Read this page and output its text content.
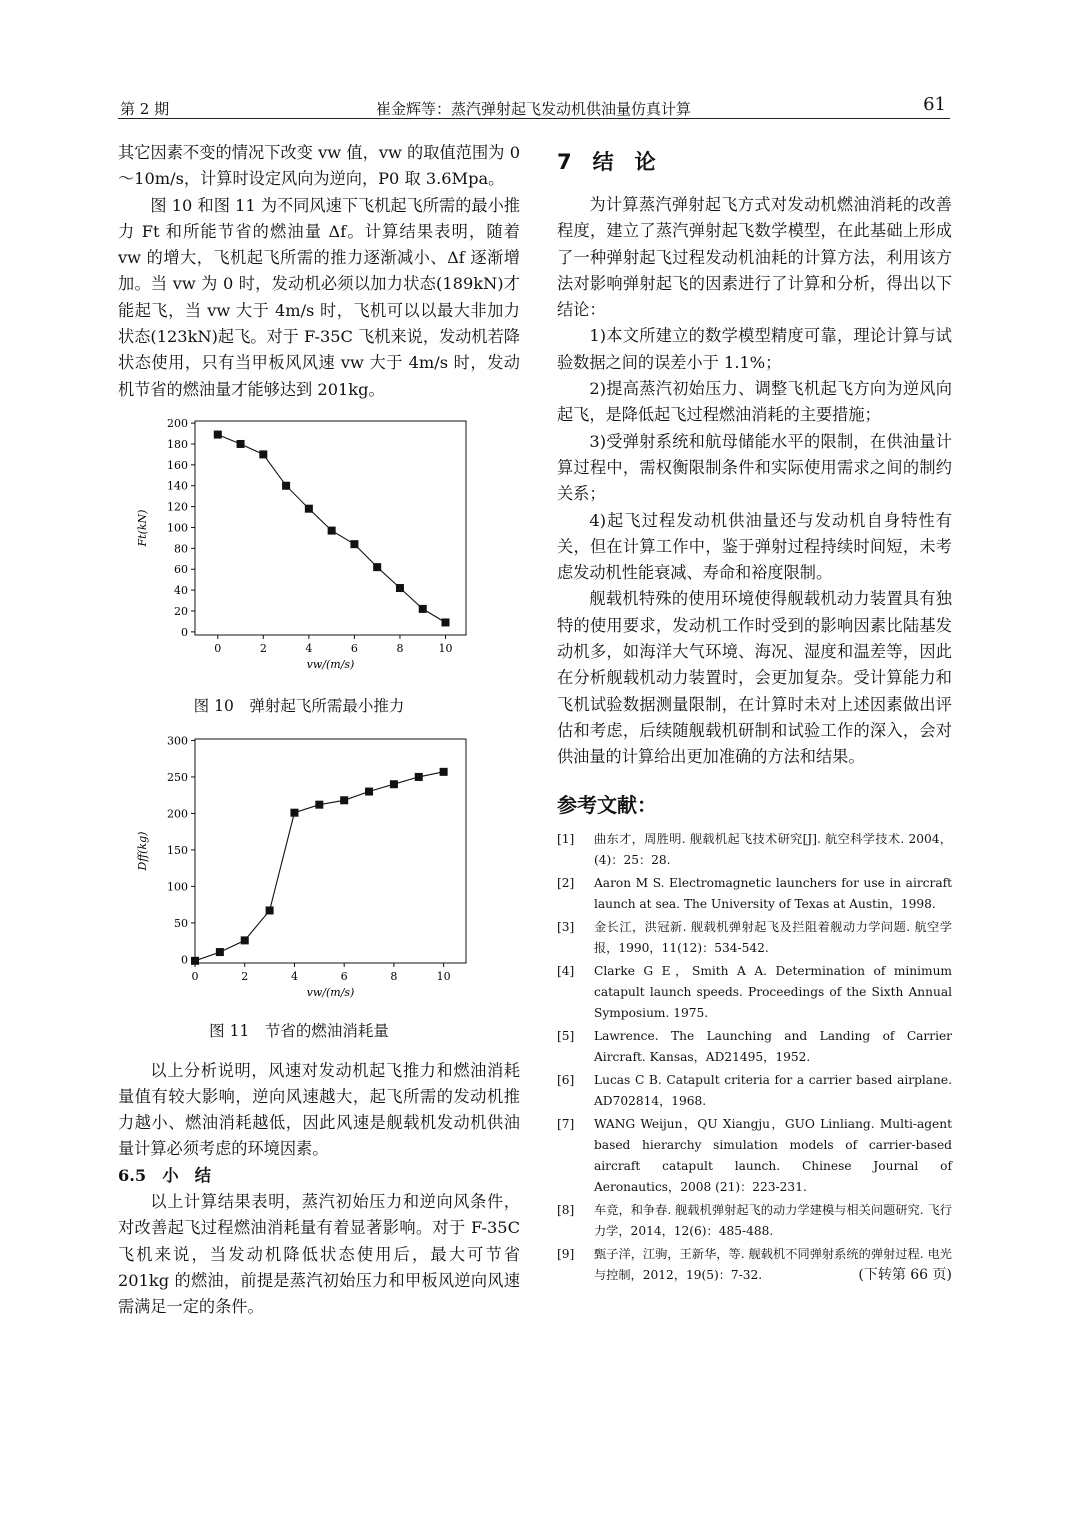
第 2 期	崔金辉等：蒸汽弹射起飞发动机供油量仿真计算	61

其它因素不变的情况下改变 vw 值，vw 的取值范围为 0～10m/s，计算时设定风向为逆向，P0 取 3.6Mpa。

图 10 和图 11 为不同风速下飞机起飞所需的最小推力 Ft 和所能节省的燃油量 Δf。计算结果表明，随着 vw 的增大，飞机起飞所需的推力逐渐减小、Δf 逐渐增加。当 vw 为 0 时，发动机必须以加力状态(189kN)才能起飞，当 vw 大于 4m/s 时，飞机可以以最大非加力状态(123kN)起飞。对于 F-35C 飞机来说，发动机若降状态使用，只有当甲板风风速 vw 大于 4m/s 时，发动机节省的燃油量才能够达到 201kg。

0
20
40
60
80
100
120
140
160
180
200
0	2	4	6	8	10
vw/(m/s)
Ft(kN)
图 10　弹射起飞所需最小推力
0
50
100
150
200
250
300
0	2	4	6	8	10
vw/(m/s)
Dff(kg)
图 11　节省的燃油消耗量

以上分析说明，风速对发动机起飞推力和燃油消耗量值有较大影响，逆向风速越大，起飞所需的发动机推力越小、燃油消耗越低，因此风速是舰载机发动机供油量计算必须考虑的环境因素。

6.5　小　结

以上计算结果表明，蒸汽初始压力和逆向风条件，对改善起飞过程燃油消耗量有着显著影响。对于 F-35C 飞机来说，当发动机降低状态使用后，最大可节省 201kg 的燃油，前提是蒸汽初始压力和甲板风逆向风速需满足一定的条件。

7　结　论

为计算蒸汽弹射起飞方式对发动机燃油消耗的改善程度，建立了蒸汽弹射起飞数学模型，在此基础上形成了一种弹射起飞过程发动机油耗的计算方法，利用该方法对影响弹射起飞的因素进行了计算和分析，得出以下结论：

1)本文所建立的数学模型精度可靠，理论计算与试验数据之间的误差小于 1.1%；

2)提高蒸汽初始压力、调整飞机起飞方向为逆风向起飞，是降低起飞过程燃油消耗的主要措施；

3)受弹射系统和航母储能水平的限制，在供油量计算过程中，需权衡限制条件和实际使用需求之间的制约关系；

4)起飞过程发动机供油量还与发动机自身特性有关，但在计算工作中，鉴于弹射过程持续时间短，未考虑发动机性能衰减、寿命和裕度限制。

舰载机特殊的使用环境使得舰载机动力装置具有独特的使用要求，发动机工作时受到的影响因素比陆基发动机多，如海洋大气环境、海况、湿度和温差等，因此在分析舰载机动力装置时，会更加复杂。受计算能力和飞机试验数据测量限制，在计算时未对上述因素做出评估和考虑，后续随舰载机研制和试验工作的深入，会对供油量的计算给出更加准确的方法和结果。

参考文献：
[1] 曲东才，周胜明. 舰载机起飞技术研究[J]. 航空科学技术. 2004，(4)：25：28.
[2] Aaron M S. Electromagnetic launchers for use in aircraft launch at sea. The University of Texas at Austin，1998.
[3] 金长江，洪冠新. 舰载机弹射起飞及拦阻着舰动力学问题. 航空学报，1990，11(12)：534-542.
[4] Clarke G E，Smith A A. Determination of minimum catapult launch speeds. Proceedings of the Sixth Annual Symposium. 1975.
[5] Lawrence. The Launching and Landing of Carrier Aircraft. Kansas，AD21495，1952.
[6] Lucas C B. Catapult criteria for a carrier based airplane. AD702814，1968.
[7] WANG Weijun，QU Xiangju，GUO Linliang. Multi-agent based hierarchy simulation models of carrier-based aircraft catapult launch. Chinese Journal of Aeronautics，2008 (21)：223-231.
[8] 车竞，和争春. 舰载机弹射起飞的动力学建模与相关问题研究. 飞行力学，2014，12(6)：485-488.
[9] 甄子洋，江驹，王新华，等. 舰载机不同弹射系统的弹射过程. 电光与控制，2012，19(5)：7-32.	(下转第 66 页)
